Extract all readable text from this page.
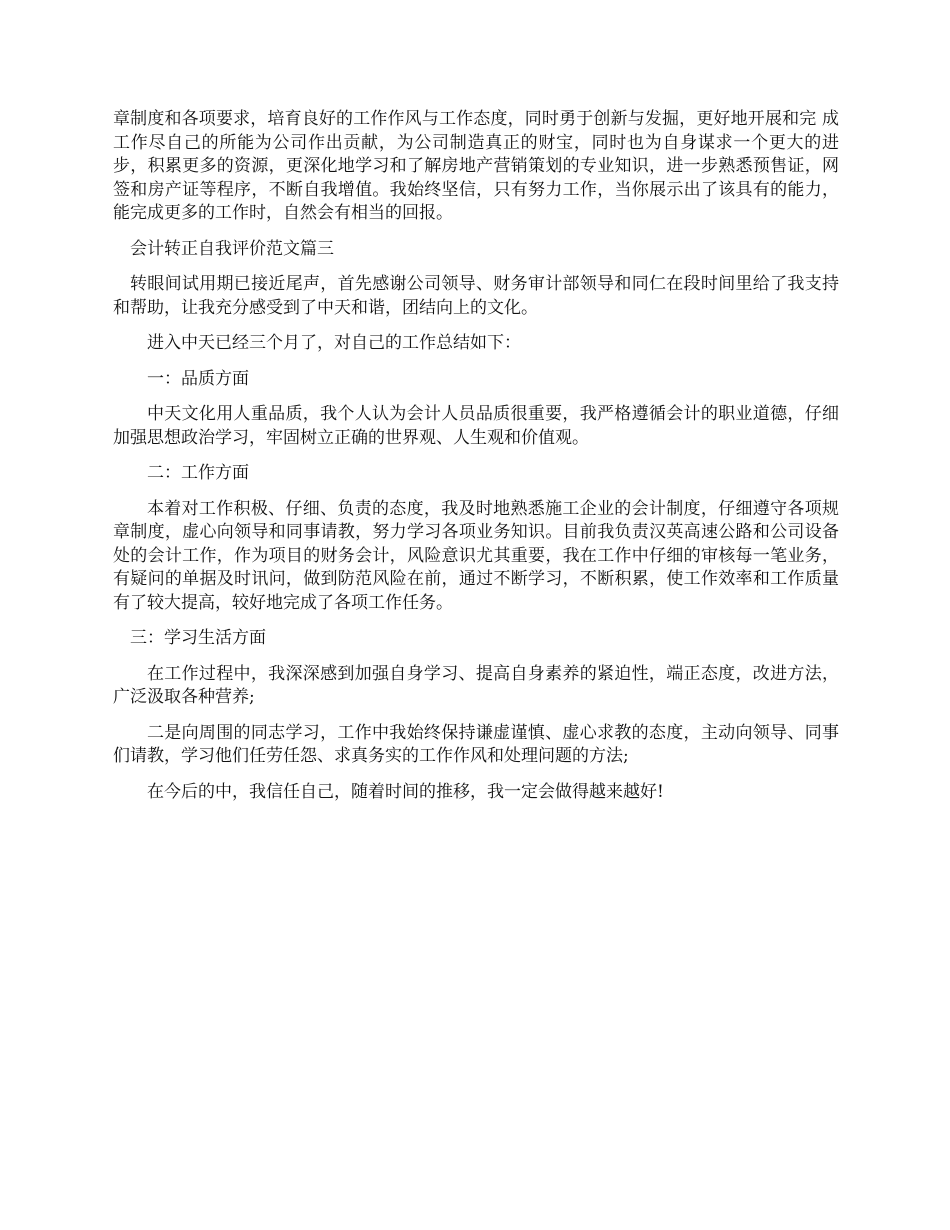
章制度和各项要求，培育良好的工作作风与工作态度，同时勇于创新与发掘，更好地开展和完 成工作尽自己的所能为公司作出贡献，为公司制造真正的财宝，同时也为自身谋求一个更大的进步，积累更多的资源，更深化地学习和了解房地产营销策划的专业知识，进一步熟悉预售证，网签和房产证等程序，不断自我增值。我始终坚信，只有努力工作，当你展示出了该具有的能力，能完成更多的工作时，自然会有相当的回报。

会计转正自我评价范文篇三

转眼间试用期已接近尾声，首先感谢公司领导、财务审计部领导和同仁在段时间里给了我支持和帮助，让我充分感受到了中天和谐，团结向上的文化。

进入中天已经三个月了，对自己的工作总结如下：

一：品质方面

中天文化用人重品质，我个人认为会计人员品质很重要，我严格遵循会计的职业道德，仔细加强思想政治学习，牢固树立正确的世界观、人生观和价值观。

二：工作方面

本着对工作积极、仔细、负责的态度，我及时地熟悉施工企业的会计制度，仔细遵守各项规章制度，虚心向领导和同事请教，努力学习各项业务知识。目前我负责汉英高速公路和公司设备处的会计工作，作为项目的财务会计，风险意识尤其重要，我在工作中仔细的审核每一笔业务，有疑问的单据及时讯问，做到防范风险在前，通过不断学习，不断积累，使工作效率和工作质量有了较大提高，较好地完成了各项工作任务。

三：学习生活方面

在工作过程中，我深深感到加强自身学习、提高自身素养的紧迫性，端正态度，改进方法，广泛汲取各种营养;

二是向周围的同志学习，工作中我始终保持谦虚谨慎、虚心求教的态度，主动向领导、同事们请教，学习他们任劳任怨、求真务实的工作作风和处理问题的方法;

在今后的中，我信任自己，随着时间的推移，我一定会做得越来越好!
